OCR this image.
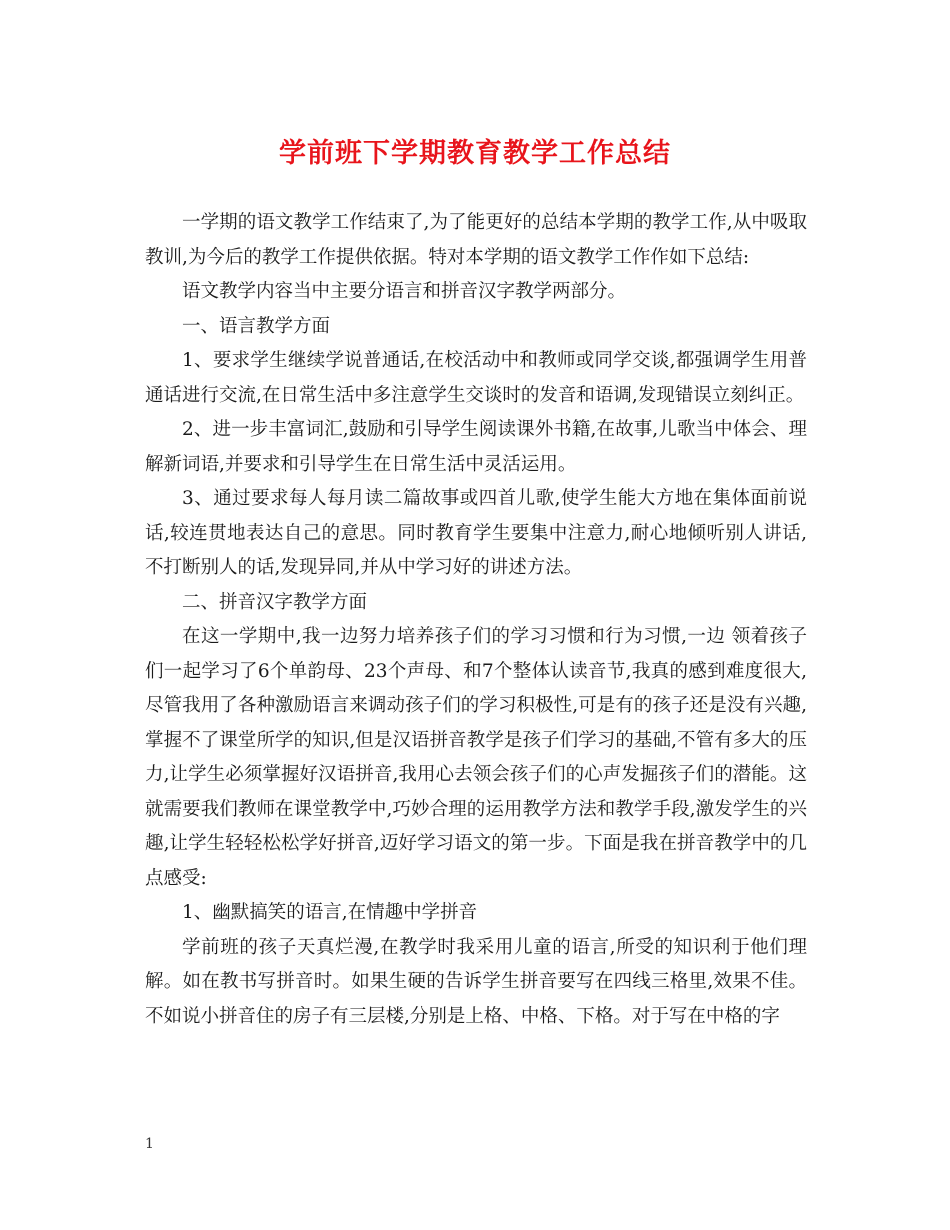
学前班下学期教育教学工作总结

一学期的语文教学工作结束了,为了能更好的总结本学期的教学工作,从中吸取教训,为今后的教学工作提供依据。特对本学期的语文教学工作作如下总结:

语文教学内容当中主要分语言和拼音汉字教学两部分。

一、语言教学方面

1、要求学生继续学说普通话,在校活动中和教师或同学交谈,都强调学生用普通话进行交流,在日常生活中多注意学生交谈时的发音和语调,发现错误立刻纠正。

2、进一步丰富词汇,鼓励和引导学生阅读课外书籍,在故事,儿歌当中体会、理解新词语,并要求和引导学生在日常生活中灵活运用。

3、通过要求每人每月读二篇故事或四首儿歌,使学生能大方地在集体面前说话,较连贯地表达自己的意思。同时教育学生要集中注意力,耐心地倾听别人讲话,不打断别人的话,发现异同,并从中学习好的讲述方法。

二、拼音汉字教学方面

在这一学期中,我一边努力培养孩子们的学习习惯和行为习惯,一边 领着孩子们一起学习了6个单韵母、23个声母、和7个整体认读音节,我真的感到难度很大,尽管我用了各种激励语言来调动孩子们的学习积极性,可是有的孩子还是没有兴趣,掌握不了课堂所学的知识,但是汉语拼音教学是孩子们学习的基础,不管有多大的压力,让学生必须掌握好汉语拼音,我用心去领会孩子们的心声发掘孩子们的潜能。这就需要我们教师在课堂教学中,巧妙合理的运用教学方法和教学手段,激发学生的兴趣,让学生轻轻松松学好拼音,迈好学习语文的第一步。下面是我在拼音教学中的几点感受:

1、幽默搞笑的语言,在情趣中学拼音

学前班的孩子天真烂漫,在教学时我采用儿童的语言,所受的知识利于他们理解。如在教书写拼音时。如果生硬的告诉学生拼音要写在四线三格里,效果不佳。不如说小拼音住的房子有三层楼,分别是上格、中格、下格。对于写在中格的字

1
